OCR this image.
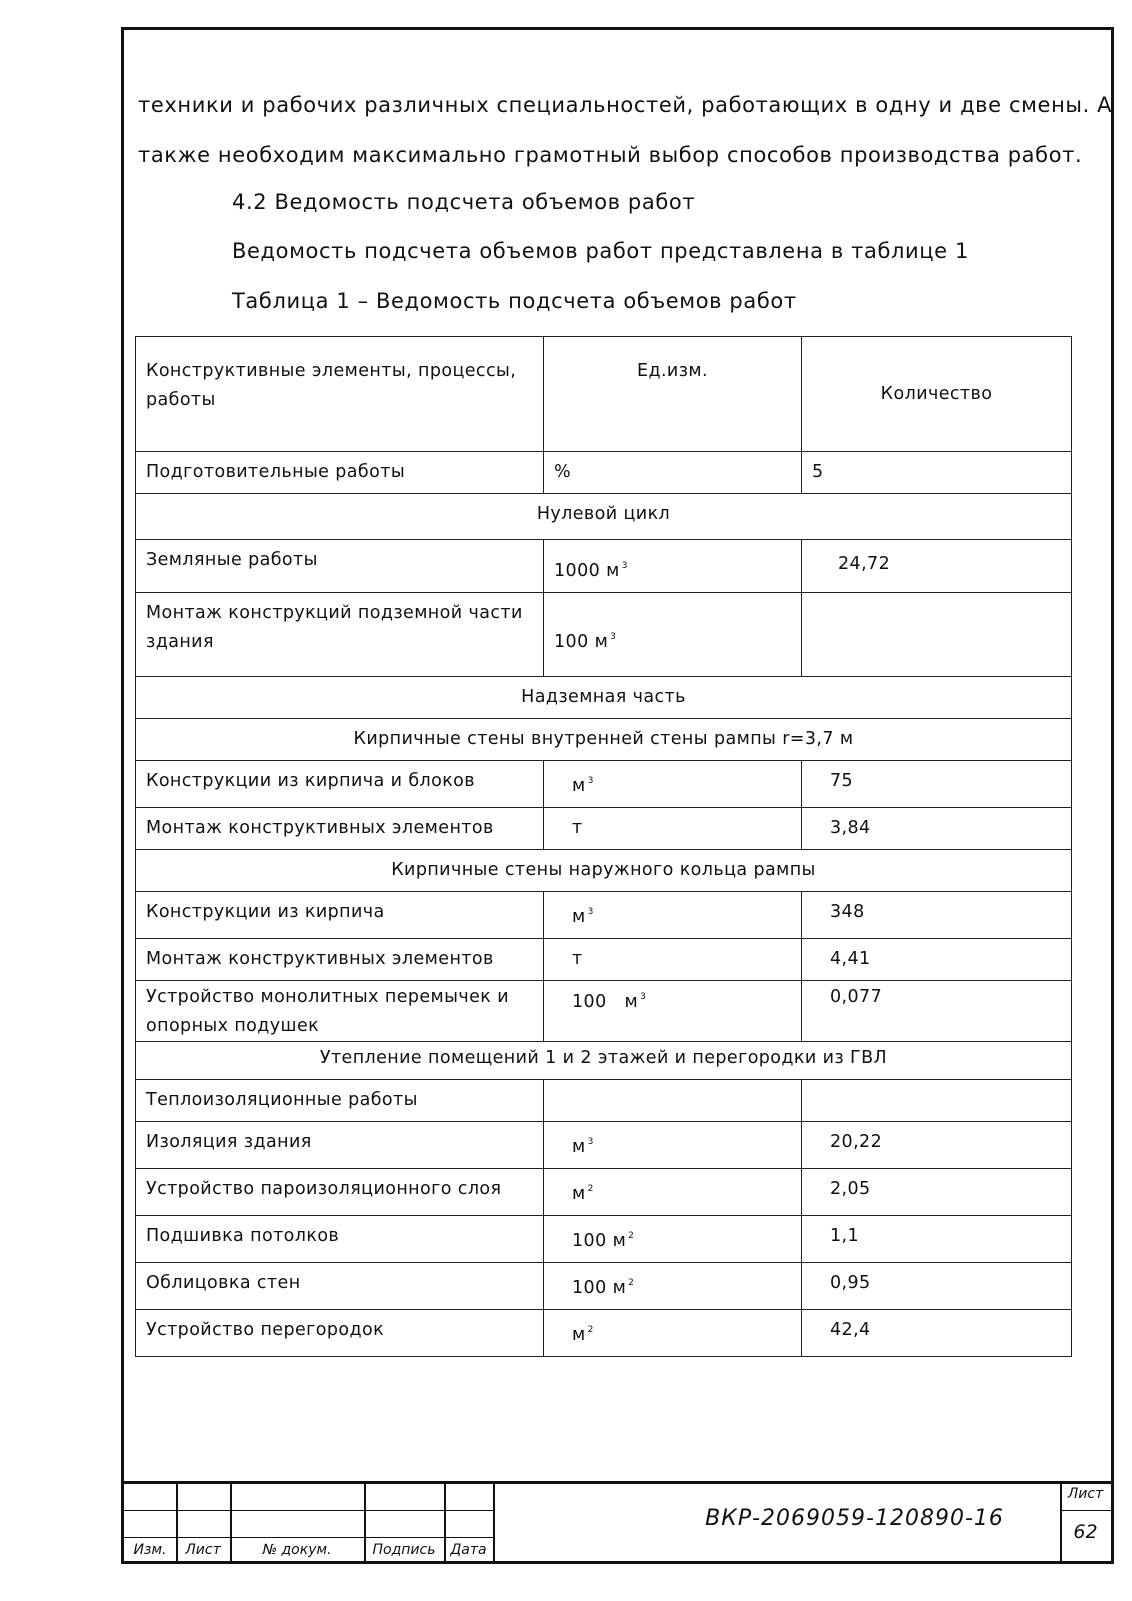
техники и рабочих различных специальностей, работающих в одну и две смены. А
также необходим максимально грамотный выбор способов производства работ.
4.2 Ведомость подсчета объемов работ
Ведомость подсчета объемов работ представлена в таблице 1
Таблица 1 – Ведомость подсчета объемов работ
Конструктивные элементы, процессы, работы	Ед.изм.	Количество
Подготовительные работы	%	5
Нулевой цикл		
Земляные работы	1000 м $^3$	24,72
Монтаж конструкций подземной части здания	100 м $^3$	
Надземная часть		
Кирпичные стены внутренней стены рампы r=3,7 м		
Конструкции из кирпича и блоков	м $^3$	75
Монтаж конструктивных элементов	т	3,84
Кирпичные стены наружного кольца рампы		
Конструкции из кирпича	м $^3$	348
Монтаж конструктивных элементов	т	4,41
Устройство монолитных перемычек и опорных подушек	100   м $^3$	0,077
Утепление помещений 1 и 2 этажей и перегородки из ГВЛ		
Теплоизоляционные работы		
Изоляция здания	м $^3$	20,22
Устройство пароизоляционного слоя	м $^2$	2,05
Подшивка потолков	100 м $^2$	1,1
Облицовка стен	100 м $^2$	0,95
Устройство перегородок	м $^2$	42,4
Изм.	Лист	№ докум.	Подпись	Дата
ВКР-2069059-120890-16
Лист
62
